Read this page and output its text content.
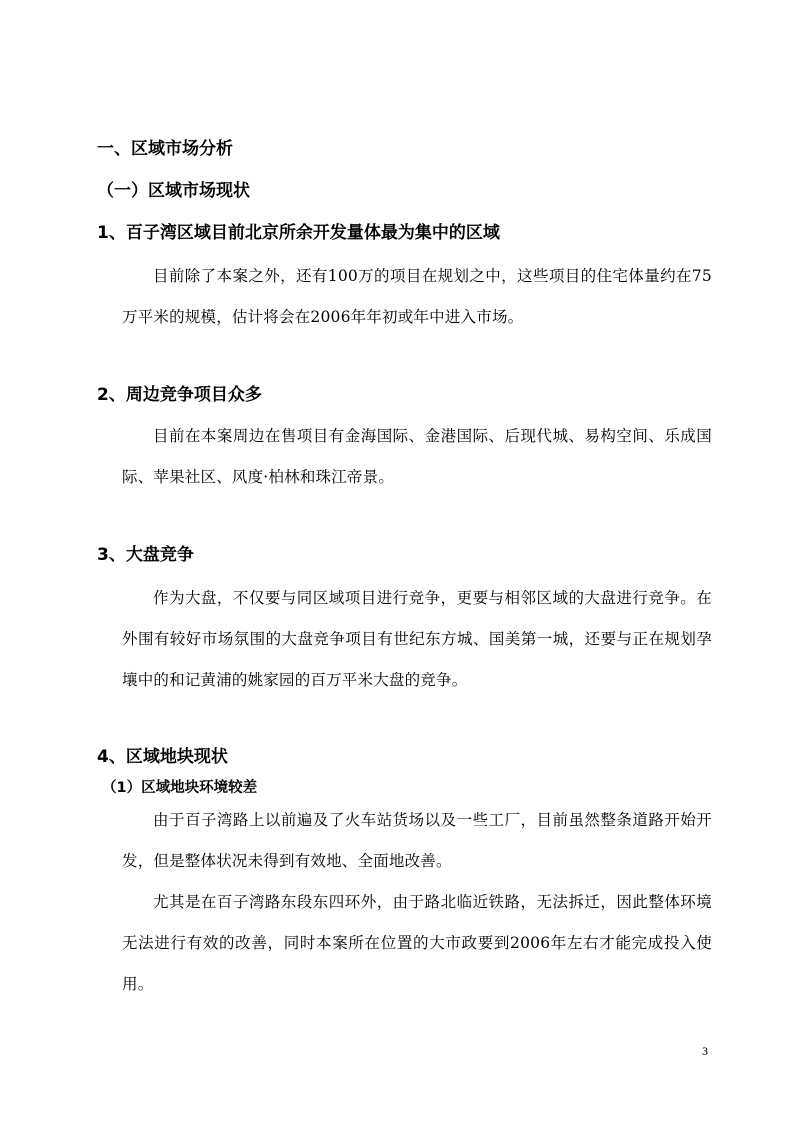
一、区域市场分析
（一）区域市场现状
1、百子湾区域目前北京所余开发量体最为集中的区域
目前除了本案之外，还有100万的项目在规划之中，这些项目的住宅体量约在75万平米的规模，估计将会在2006年年初或年中进入市场。
2、周边竞争项目众多
目前在本案周边在售项目有金海国际、金港国际、后现代城、易构空间、乐成国际、苹果社区、风度·柏林和珠江帝景。
3、大盘竞争
作为大盘，不仅要与同区域项目进行竞争，更要与相邻区域的大盘进行竞争。在外围有较好市场氛围的大盘竞争项目有世纪东方城、国美第一城，还要与正在规划孕壤中的和记黄浦的姚家园的百万平米大盘的竞争。
4、区域地块现状
（1）区域地块环境较差
由于百子湾路上以前遍及了火车站货场以及一些工厂，目前虽然整条道路开始开发，但是整体状况未得到有效地、全面地改善。
尤其是在百子湾路东段东四环外，由于路北临近铁路，无法拆迁，因此整体环境无法进行有效的改善，同时本案所在位置的大市政要到2006年左右才能完成投入使用。
3
